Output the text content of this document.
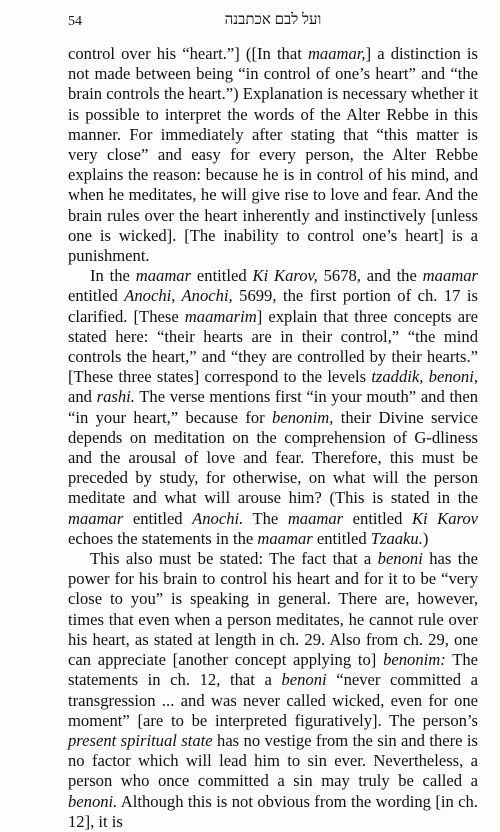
54	ועל לבם אכתבנה

control over his “heart.”] ([In that maamar,] a distinction is not made between being “in control of one’s heart” and “the brain controls the heart.”) Explanation is necessary whether it is possible to interpret the words of the Alter Rebbe in this manner. For immediately after stating that “this matter is very close” and easy for every person, the Alter Rebbe explains the reason: because he is in control of his mind, and when he meditates, he will give rise to love and fear. And the brain rules over the heart inherently and instinctively [unless one is wicked]. [The inability to control one’s heart] is a punishment.

In the maamar entitled Ki Karov, 5678, and the maamar entitled Anochi, Anochi, 5699, the first portion of ch. 17 is clarified. [These maamarim] explain that three concepts are stated here: “their hearts are in their control,” “the mind controls the heart,” and “they are controlled by their hearts.” [These three states] correspond to the levels tzaddik, benoni, and rashi. The verse mentions first “in your mouth” and then “in your heart,” because for benonim, their Divine service depends on meditation on the comprehension of G-dliness and the arousal of love and fear. Therefore, this must be preceded by study, for otherwise, on what will the person meditate and what will arouse him? (This is stated in the maamar entitled Anochi. The maamar entitled Ki Karov echoes the statements in the maamar entitled Tzaaku.)

This also must be stated: The fact that a benoni has the power for his brain to control his heart and for it to be “very close to you” is speaking in general. There are, however, times that even when a person meditates, he cannot rule over his heart, as stated at length in ch. 29. Also from ch. 29, one can appreciate [another concept applying to] benonim: The statements in ch. 12, that a benoni “never committed a transgression ... and was never called wicked, even for one moment” [are to be interpreted figuratively]. The person’s present spiritual state has no vestige from the sin and there is no factor which will lead him to sin ever. Nevertheless, a person who once committed a sin may truly be called a benoni. Although this is not obvious from the wording [in ch. 12], it is
